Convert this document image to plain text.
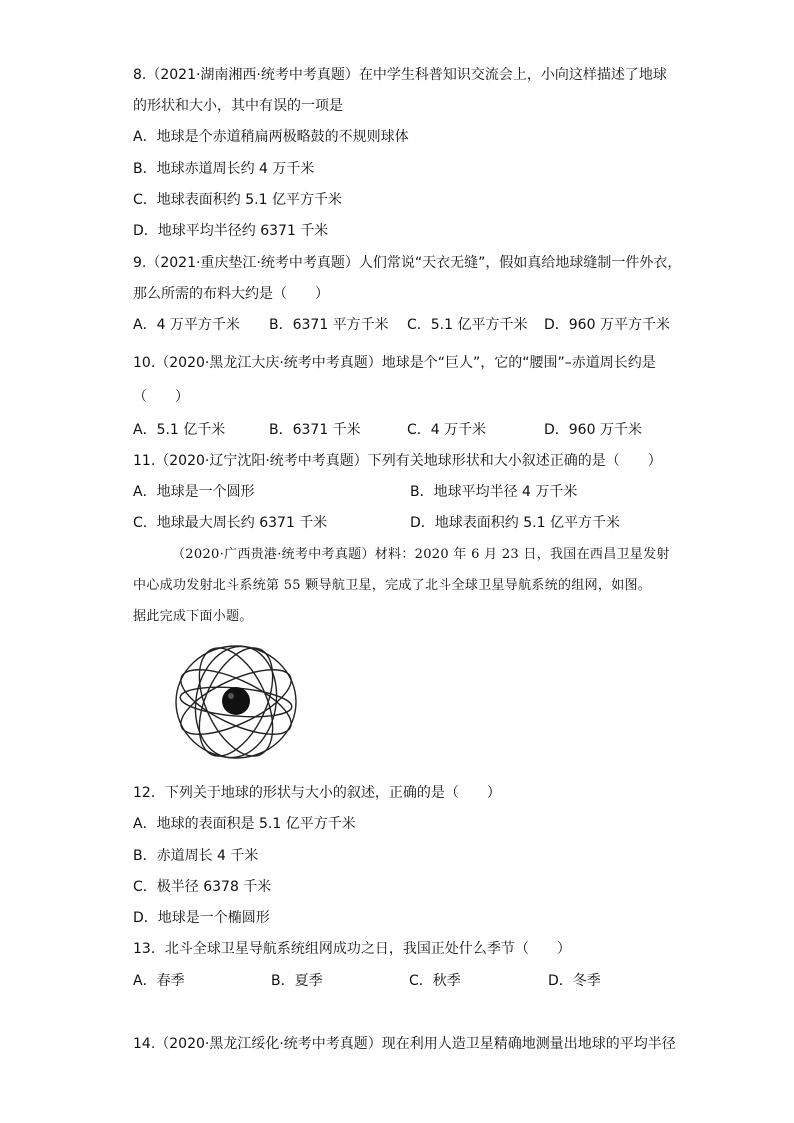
8.（2021·湖南湘西·统考中考真题）在中学生科普知识交流会上，小向这样描述了地球
的形状和大小，其中有误的一项是
A．地球是个赤道稍扁两极略鼓的不规则球体
B．地球赤道周长约 4 万千米
C．地球表面积约 5.1 亿平方千米
D．地球平均半径约 6371 千米
9.（2021·重庆垫江·统考中考真题）人们常说“天衣无缝”，假如真给地球缝制一件外衣，
那么所需的布料大约是（　　）
A．4 万平方千米 B．6371 平方千米 C．5.1 亿平方千米 D．960 万平方千米
10.（2020·黑龙江大庆·统考中考真题）地球是个“巨人”，它的“腰围”–赤道周长约是
（　　）
A．5.1 亿千米	B．6371 千米	C．4 万千米	D．960 万千米
11.（2020·辽宁沈阳·统考中考真题）下列有关地球形状和大小叙述正确的是（　　）
A．地球是一个圆形	B．地球平均半径 4 万千米
C．地球最大周长约 6371 千米	D．地球表面积约 5.1 亿平方千米
（2020·广西贵港·统考中考真题）材料：2020 年 6 月 23 日，我国在西昌卫星发射
中心成功发射北斗系统第 55 颗导航卫星，完成了北斗全球卫星导航系统的组网，如图。
据此完成下面小题。
12．下列关于地球的形状与大小的叙述，正确的是（　　）
A．地球的表面积是 5.1 亿平方千米
B．赤道周长 4 千米
C．极半径 6378 千米
D．地球是一个椭圆形
13．北斗全球卫星导航系统组网成功之日，我国正处什么季节（　　）
A．春季	B．夏季	C．秋季	D．冬季
14.（2020·黑龙江绥化·统考中考真题）现在利用人造卫星精确地测量出地球的平均半径
